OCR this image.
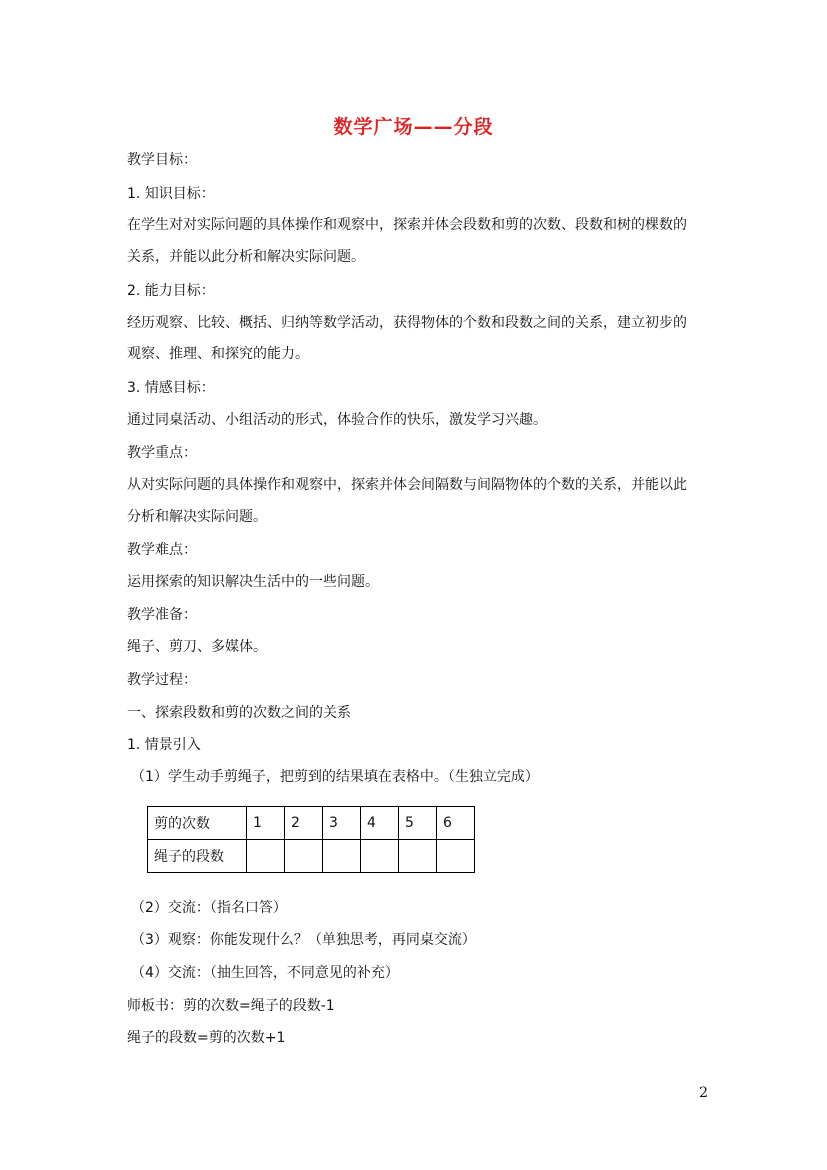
数学广场——分段
教学目标：
1. 知识目标：
在学生对对实际问题的具体操作和观察中，探索并体会段数和剪的次数、段数和树的棵数的
关系，并能以此分析和解决实际问题。
2. 能力目标：
经历观察、比较、概括、归纳等数学活动，获得物体的个数和段数之间的关系，建立初步的
观察、推理、和探究的能力。
3. 情感目标：
通过同桌活动、小组活动的形式，体验合作的快乐，激发学习兴趣。
教学重点：
从对实际问题的具体操作和观察中，探索并体会间隔数与间隔物体的个数的关系，并能以此
分析和解决实际问题。
教学难点：
运用探索的知识解决生活中的一些问题。
教学准备：
绳子、剪刀、多媒体。
教学过程：
一、探索段数和剪的次数之间的关系
1. 情景引入
（1）学生动手剪绳子，把剪到的结果填在表格中。（生独立完成）
剪的次数	1	2	3	4	5	6
绳子的段数						
（2）交流：（指名口答）
（3）观察：你能发现什么？（单独思考，再同桌交流）
（4）交流：（抽生回答，不同意见的补充）
师板书：剪的次数=绳子的段数-1
绳子的段数=剪的次数+1
2
